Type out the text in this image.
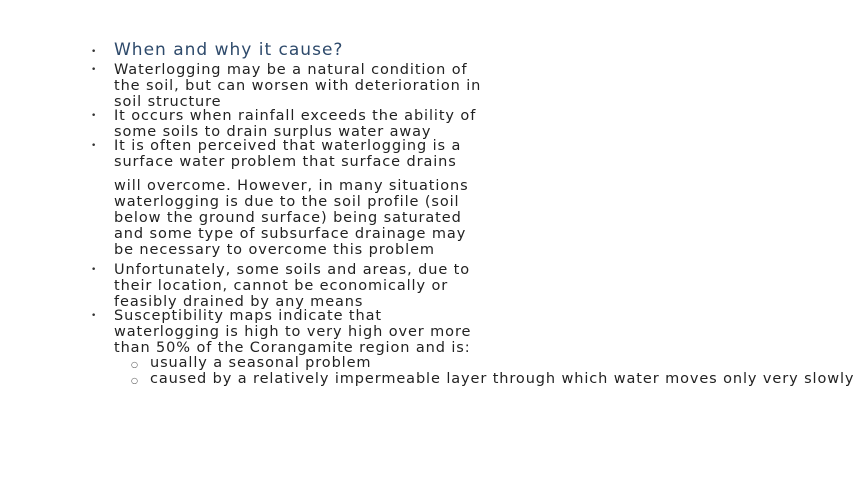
• When and why it cause?
• Waterlogging may be a natural condition of
the soil, but can worsen with deterioration in
soil structure
• It occurs when rainfall exceeds the ability of
some soils to drain surplus water away
• It is often perceived that waterlogging is a
surface water problem that surface drains
will overcome. However, in many situations
waterlogging is due to the soil profile (soil
below the ground surface) being saturated
and some type of subsurface drainage may
be necessary to overcome this problem
• Unfortunately, some soils and areas, due to
their location, cannot be economically or
feasibly drained by any means
• Susceptibility maps indicate that
waterlogging is high to very high over more
than 50% of the Corangamite region and is:
○ usually a seasonal problem
○ caused by a relatively impermeable layer through which water moves only very slowly
